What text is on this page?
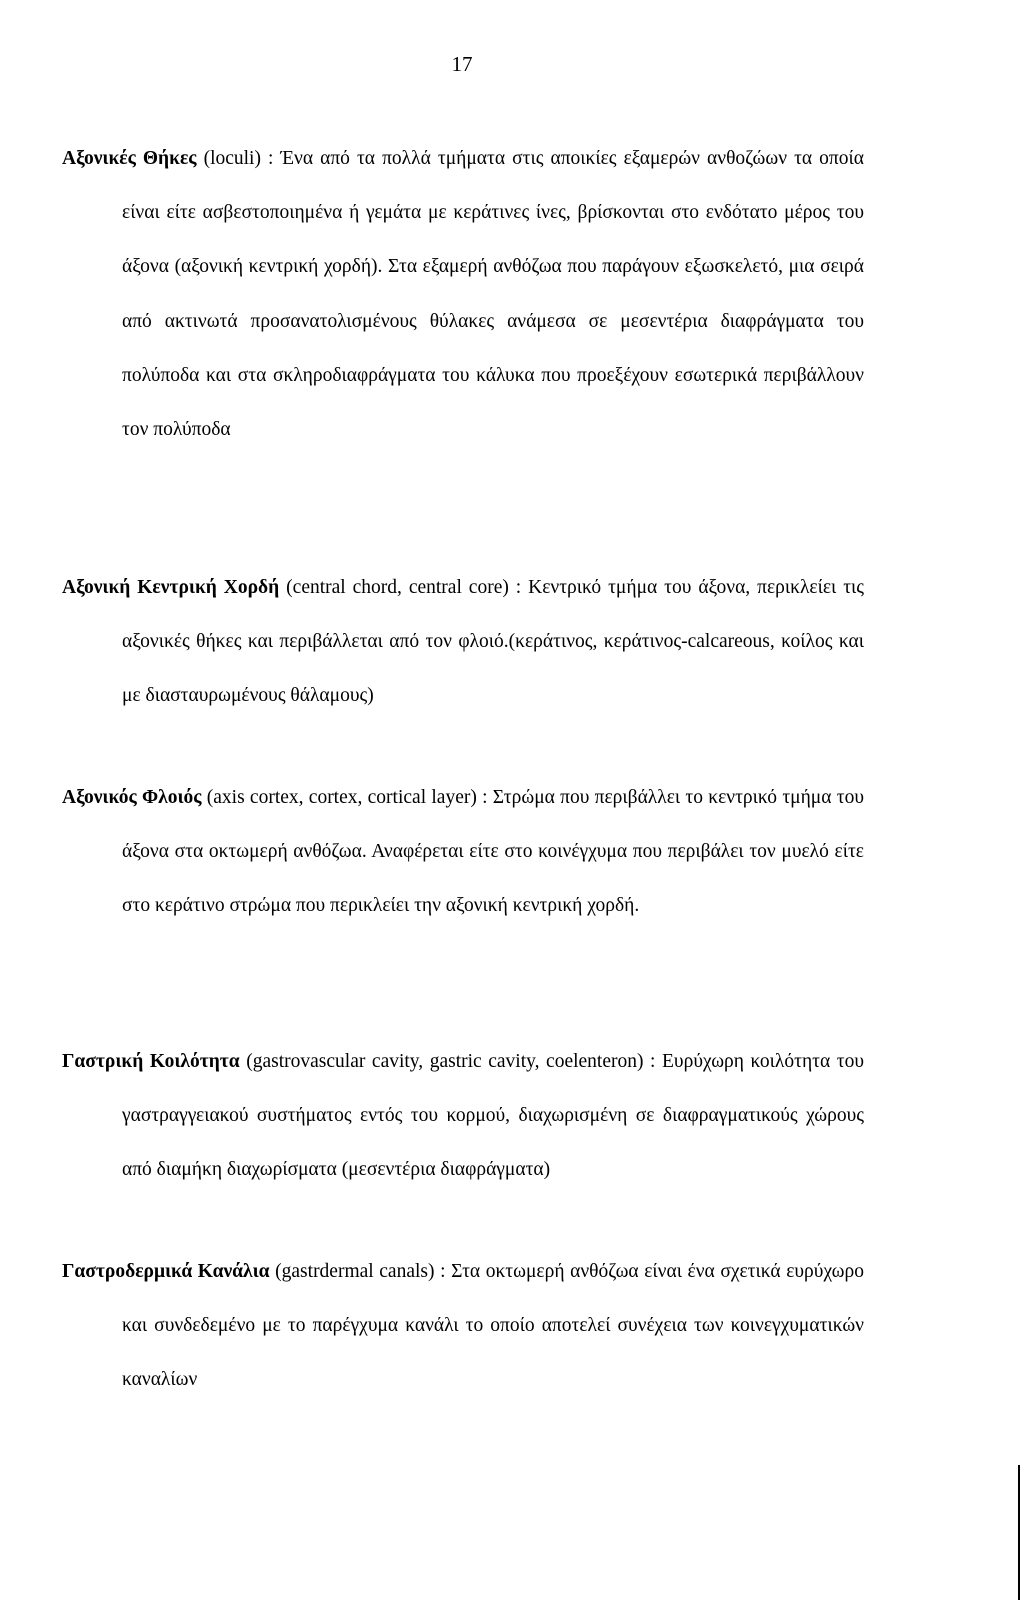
17

Αξονικές Θήκες (loculi) : Ένα από τα πολλά τμήματα στις αποικίες εξαμερών ανθοζώων τα οποία είναι είτε ασβεστοποιημένα ή γεμάτα με κεράτινες ίνες, βρίσκονται στο ενδότατο μέρος του άξονα (αξονική κεντρική χορδή). Στα εξαμερή ανθόζωα που παράγουν εξωσκελετό, μια σειρά από ακτινωτά προσανατολισμένους θύλακες ανάμεσα σε μεσεντέρια διαφράγματα του πολύποδα και στα σκληροδιαφράγματα του κάλυκα που προεξέχουν εσωτερικά περιβάλλουν τον πολύποδα

Αξονική Κεντρική Χορδή (central chord, central core) : Κεντρικό τμήμα του άξονα, περικλείει τις αξονικές θήκες και περιβάλλεται από τον φλοιό.(κεράτινος, κεράτινος-calcareous, κοίλος και με διασταυρωμένους θάλαμους)

Αξονικός Φλοιός (axis cortex, cortex, cortical layer) : Στρώμα που περιβάλλει το κεντρικό τμήμα του άξονα στα οκτωμερή ανθόζωα. Αναφέρεται είτε στο κοινέγχυμα που περιβάλει τον μυελό είτε στο κεράτινο στρώμα που περικλείει την αξονική κεντρική χορδή.

Γαστρική Κοιλότητα (gastrovascular cavity, gastric cavity, coelenteron) : Ευρύχωρη κοιλότητα του γαστραγγειακού συστήματος εντός του κορμού, διαχωρισμένη σε διαφραγματικούς χώρους από διαμήκη διαχωρίσματα (μεσεντέρια διαφράγματα)

Γαστροδερμικά Κανάλια (gastrdermal canals) : Στα οκτωμερή ανθόζωα είναι ένα σχετικά ευρύχωρο και συνδεδεμένο με το παρέγχυμα κανάλι το οποίο αποτελεί συνέχεια των κοινεγχυματικών καναλίων
